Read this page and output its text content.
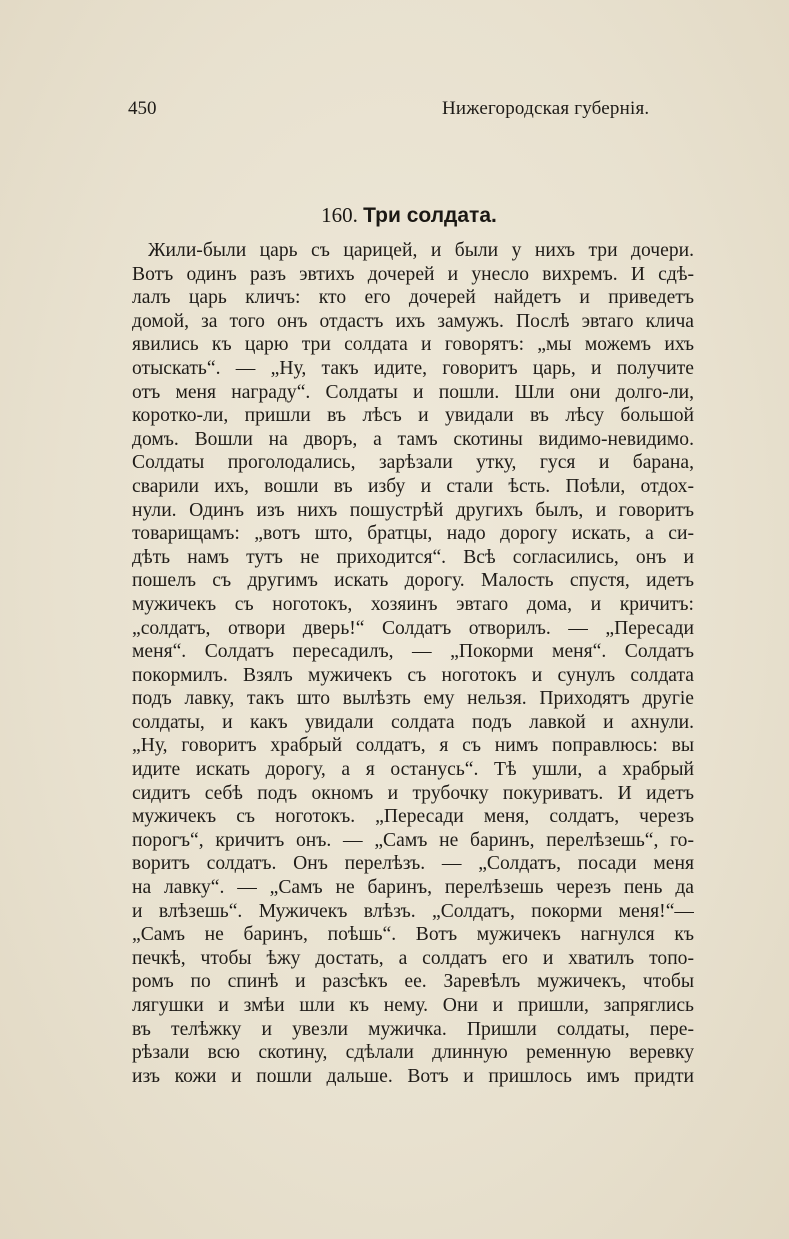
450	Нижегородская губернія.
160. Три солдата.
Жили-были царь съ царицей, и были у нихъ три дочери.
Вотъ одинъ разъ эвтихъ дочерей и унесло вихремъ. И сдѣ-
лалъ царь кличъ: кто его дочерей найдетъ и приведетъ
домой, за того онъ отдастъ ихъ замужъ. Послѣ эвтаго клича
явились къ царю три солдата и говорятъ: „мы можемъ ихъ
отыскать“. — „Ну, такъ идите, говоритъ царь, и получите
отъ меня награду“. Солдаты и пошли. Шли они долго-ли,
коротко-ли, пришли въ лѣсъ и увидали въ лѣсу большой
домъ. Вошли на дворъ, а тамъ скотины видимо-невидимо.
Солдаты проголодались, зарѣзали утку, гуся и барана,
сварили ихъ, вошли въ избу и стали ѣсть. Поѣли, отдох-
нули. Одинъ изъ нихъ пошустрѣй другихъ былъ, и говоритъ
товарищамъ: „вотъ што, братцы, надо дорогу искать, а си-
дѣть намъ тутъ не приходится“. Всѣ согласились, онъ и
пошелъ съ другимъ искать дорогу. Малость спустя, идетъ
мужичекъ съ ноготокъ, хозяинъ эвтаго дома, и кричитъ:
„солдатъ, отвори дверь!“ Солдатъ отворилъ. — „Пересади
меня“. Солдатъ пересадилъ, — „Покорми меня“. Солдатъ
покормилъ. Взялъ мужичекъ съ ноготокъ и сунулъ солдата
подъ лавку, такъ што вылѣзть ему нельзя. Приходятъ другіе
солдаты, и какъ увидали солдата подъ лавкой и ахнули.
„Ну, говоритъ храбрый солдатъ, я съ нимъ поправлюсь: вы
идите искать дорогу, а я останусь“. Тѣ ушли, а храбрый
сидитъ себѣ подъ окномъ и трубочку покуриватъ. И идетъ
мужичекъ съ ноготокъ. „Пересади меня, солдатъ, черезъ
порогъ“, кричитъ онъ. — „Самъ не баринъ, перелѣзешь“, го-
воритъ солдатъ. Онъ перелѣзъ. — „Солдатъ, посади меня
на лавку“. — „Самъ не баринъ, перелѣзешь черезъ пень да
и влѣзешь“. Мужичекъ влѣзъ. „Солдатъ, покорми меня!“—
„Самъ не баринъ, поѣшь“. Вотъ мужичекъ нагнулся къ
печкѣ, чтобы ѣжу достать, а солдатъ его и хватилъ топо-
ромъ по спинѣ и разсѣкъ ее. Заревѣлъ мужичекъ, чтобы
лягушки и змѣи шли къ нему. Они и пришли, запряглись
въ телѣжку и увезли мужичка. Пришли солдаты, пере-
рѣзали всю скотину, сдѣлали длинную ременную веревку
изъ кожи и пошли дальше. Вотъ и пришлось имъ придти
